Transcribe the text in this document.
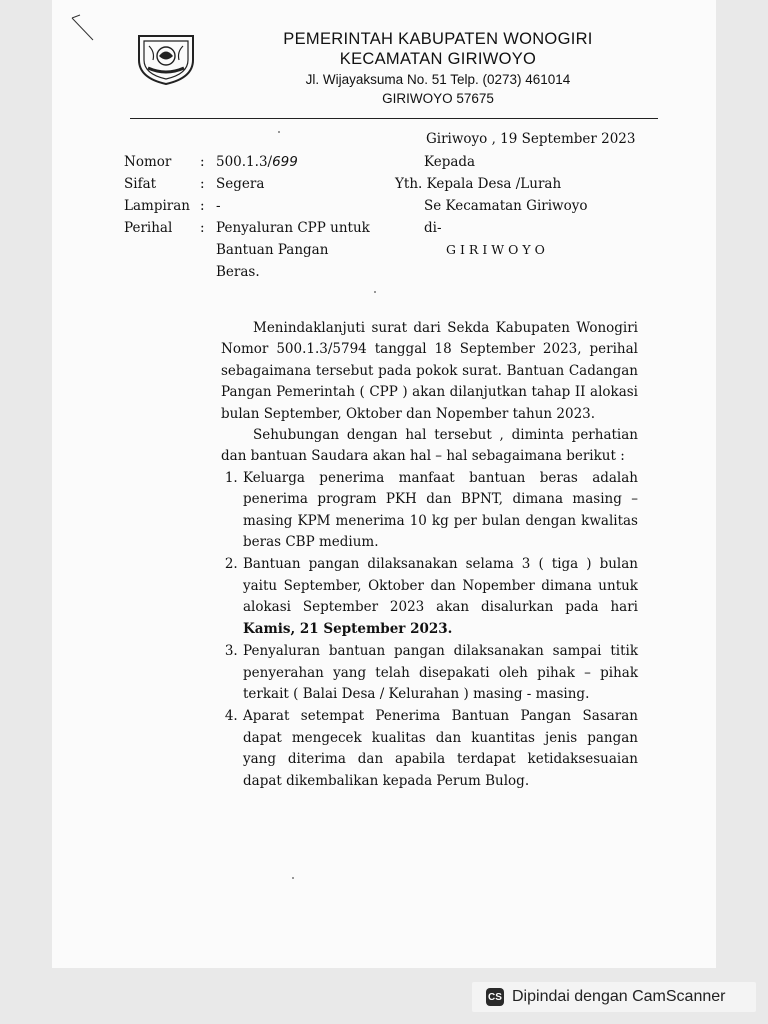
PEMERINTAH KABUPATEN WONOGIRI
KECAMATAN GIRIWOYO
Jl. Wijayaksuma No. 51 Telp. (0273) 461014
GIRIWOYO 57675
Giriwoyo , 19 September 2023
Kepada
Yth. Kepala Desa /Lurah
Se Kecamatan Giriwoyo
di-
GIRIWOYO
Nomor	: 500.1.3/699
Sifat	: Segera
Lampiran : -
Perihal	: Penyaluran CPP untuk
Bantuan Pangan
Beras.

Menindaklanjuti surat dari Sekda Kabupaten Wonogiri Nomor 500.1.3/5794 tanggal 18 September 2023, perihal sebagaimana tersebut pada pokok surat. Bantuan Cadangan Pangan Pemerintah ( CPP ) akan dilanjutkan tahap II alokasi bulan September, Oktober dan Nopember tahun 2023.

Sehubungan dengan hal tersebut , diminta perhatian dan bantuan Saudara akan hal – hal sebagaimana berikut :

1. Keluarga penerima manfaat bantuan beras adalah penerima program PKH dan BPNT, dimana masing – masing KPM menerima 10 kg per bulan dengan kwalitas beras CBP medium.
2. Bantuan pangan dilaksanakan selama 3 ( tiga ) bulan yaitu September, Oktober dan Nopember dimana untuk alokasi September 2023 akan disalurkan pada hari Kamis, 21 September 2023.
3. Penyaluran bantuan pangan dilaksanakan sampai titik penyerahan yang telah disepakati oleh pihak – pihak terkait ( Balai Desa / Kelurahan ) masing - masing.
4. Aparat setempat Penerima Bantuan Pangan Sasaran dapat mengecek kualitas dan kuantitas jenis pangan yang diterima dan apabila terdapat ketidaksesuaian dapat dikembalikan kepada Perum Bulog.
CS Dipindai dengan CamScanner
